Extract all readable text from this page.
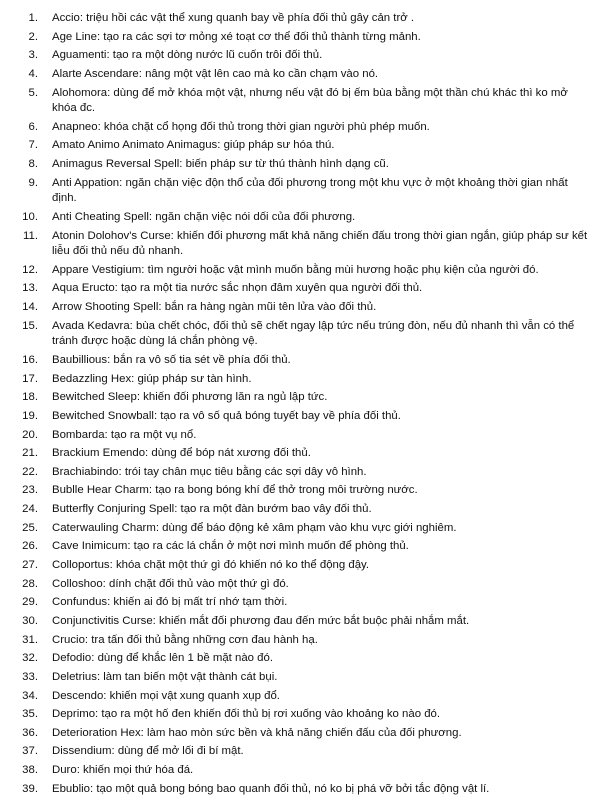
1.	Accio: triệu hồi các vật thể xung quanh bay về phía đối thủ gây cản trở .
2.	Age Line: tạo ra các sợi tơ mỏng xé toạt cơ thể đối thủ thành từng mảnh.
3.	Aguamenti: tạo ra một dòng nước lũ cuốn trôi đối thủ.
4.	Alarte Ascendare: nâng một vật lên cao mà ko cần chạm vào nó.
5.	Alohomora: dùng để mở khóa một vật, nhưng nếu vật đó bị ếm bùa bằng một thần chú khác thì ko mở khóa đc.
6.	Anapneo: khóa chặt cổ họng đối thủ trong thời gian người phù phép muốn.
7.	Amato Animo Animato Animagus: giúp pháp sư hóa thú.
8.	Animagus Reversal Spell: biến pháp sư từ thú thành hình dạng cũ.
9.	Anti Appation: ngăn chặn việc độn thổ của đối phương trong một khu vực ở một khoảng thời gian nhất định.
10.	Anti Cheating Spell: ngăn chặn việc nói dối của đối phương.
11.	Atonin Dolohov's Curse: khiến đối phương mất khả năng chiến đấu trong thời gian ngắn, giúp pháp sư kết liễu đối thủ nếu đủ nhanh.
12.	Appare Vestigium: tìm người hoặc vật mình muốn bằng mùi hương hoặc phụ kiện của người đó.
13.	Aqua Eructo: tạo ra một tia nước sắc nhọn đâm xuyên qua người đối thủ.
14.	Arrow Shooting Spell: bắn ra hàng ngàn mũi tên lửa vào đối thủ.
15.	Avada Kedavra: bùa chết chóc, đối thủ sẽ chết ngay lập tức nếu trúng đòn, nếu đủ nhanh thì vẫn có thể tránh được hoặc dùng lá chắn phòng vệ.
16.	Baubillious: bắn ra vô số tia sét về phía đối thủ.
17.	Bedazzling Hex: giúp pháp sư tàn hình.
18.	Bewitched Sleep: khiến đối phương lăn ra ngủ lập tức.
19.	Bewitched Snowball: tạo ra vô số quả bóng tuyết bay về phía đối thủ.
20.	Bombarda: tạo ra một vụ nổ.
21.	Brackium Emendo: dùng để bóp nát xương đối thủ.
22.	Brachiabindo: trói tay chân mục tiêu bằng các sợi dây vô hình.
23.	Bublle Hear Charm: tạo ra bong bóng khí để thở trong môi trường nước.
24.	Butterfly Conjuring Spell: tạo ra một đàn bướm bao vây đối thủ.
25.	Caterwauling Charm: dùng để báo động kẻ xâm phạm vào khu vực giới nghiêm.
26.	Cave Inimicum: tạo ra các lá chắn ở một nơi mình muốn để phòng thủ.
27.	Colloportus: khóa chặt một thứ gì đó khiến nó ko thể động đậy.
28.	Colloshoo: dính chặt đối thủ vào một thứ gì đó.
29.	Confundus: khiến ai đó bị mất trí nhớ tạm thời.
30.	Conjunctivitis Curse: khiến mắt đối phương đau đến mức bắt buộc phải nhắm mắt.
31.	Crucio: tra tấn đối thủ bằng những cơn đau hành hạ.
32.	Defodio: dùng để khắc lên 1 bề mặt nào đó.
33.	Deletrius: làm tan biến một vật thành cát bụi.
34.	Descendo: khiến mọi vật xung quanh xụp đổ.
35.	Deprimo: tạo ra một hố đen khiến đối thủ bị rơi xuống vào khoảng ko nào đó.
36.	Deterioration Hex: làm hao mòn sức bền và khả năng chiến đấu của đối phương.
37.	Dissendium: dùng để mở lối đi bí mật.
38.	Duro: khiến mọi thứ hóa đá.
39.	Ebublio: tạo một quả bong bóng bao quanh đối thủ, nó ko bị phá vỡ bởi tắc động vật lí.
